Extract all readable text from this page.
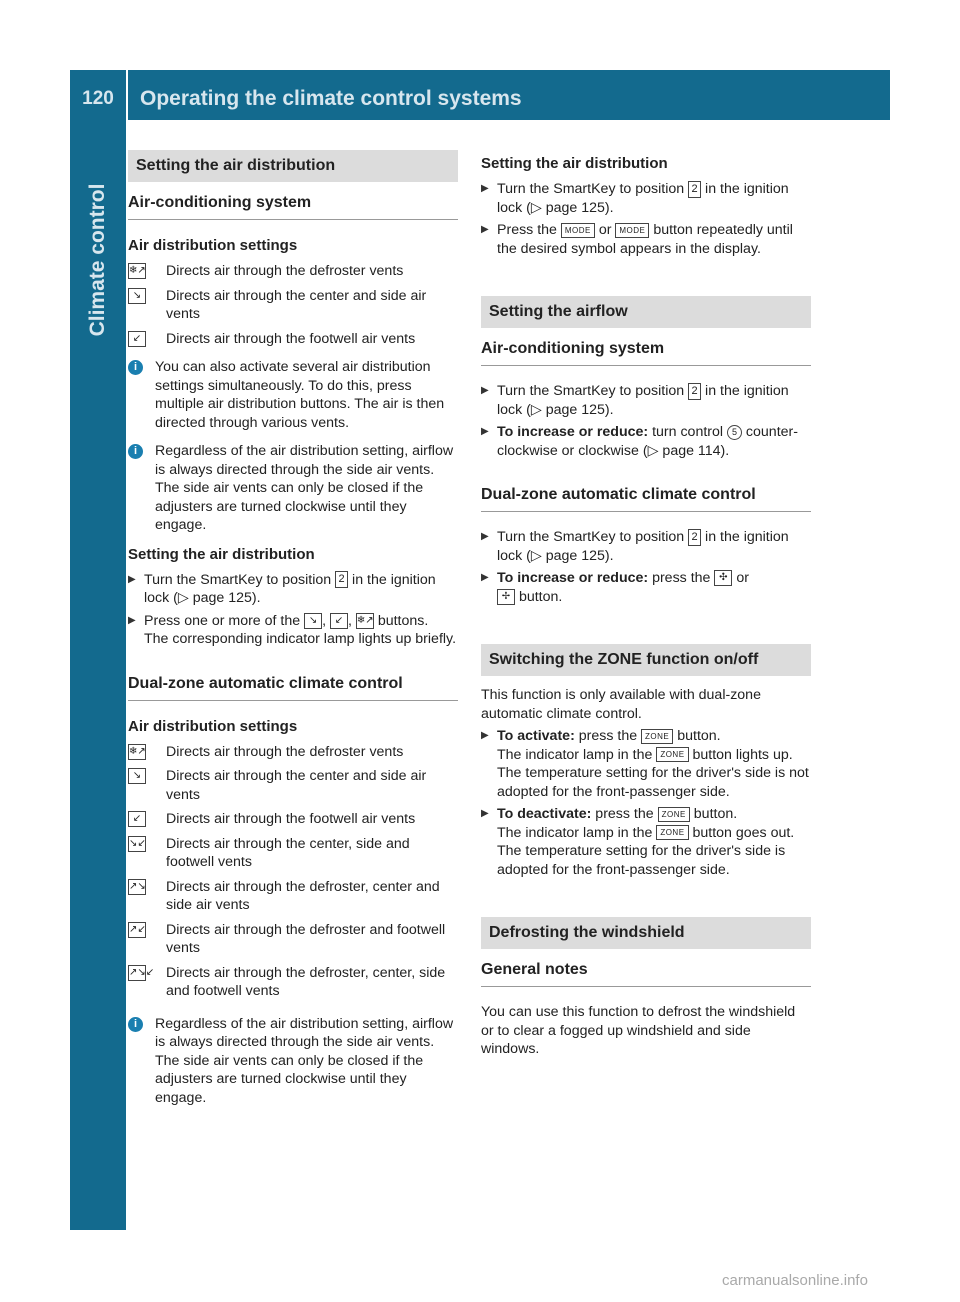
120	Operating the climate control systems
Climate control
Setting the air distribution
Air-conditioning system
Air distribution settings
❄↗	Directs air through the defroster vents
↘	Directs air through the center and side air vents
↙	Directs air through the footwell air vents
i	You can also activate several air distribution settings simultaneously. To do this, press multiple air distribution buttons. The air is then directed through various vents.
i	Regardless of the air distribution setting, airflow is always directed through the side air vents. The side air vents can only be closed if the adjusters are turned clockwise until they engage.
Setting the air distribution
▶ Turn the SmartKey to position 2 in the ignition lock (▷ page 125).
▶ Press one or more of the ↘ , ↙ , ❄↗ buttons.
The corresponding indicator lamp lights up briefly.
Dual-zone automatic climate control
Air distribution settings
❄↗	Directs air through the defroster vents
↘	Directs air through the center and side air vents
↙	Directs air through the footwell air vents
↘↙	Directs air through the center, side and footwell vents
↗↘	Directs air through the defroster, center and side air vents
↗↙	Directs air through the defroster and footwell vents
↗↘↙ Directs air through the defroster, center, side and footwell vents
i	Regardless of the air distribution setting, airflow is always directed through the side air vents. The side air vents can only be closed if the adjusters are turned clockwise until they engage.
Setting the air distribution
▶ Turn the SmartKey to position 2 in the ignition lock (▷ page 125).
▶ Press the MODE or MODE button repeatedly until the desired symbol appears in the display.
Setting the airflow
Air-conditioning system
▶ Turn the SmartKey to position 2 in the ignition lock (▷ page 125).
▶ To increase or reduce: turn control 5 counter-clockwise or clockwise (▷ page 114).
Dual-zone automatic climate control
▶ Turn the SmartKey to position 2 in the ignition lock (▷ page 125).
▶ To increase or reduce: press the ✣ or
✢ button.
Switching the ZONE function on/off
This function is only available with dual-zone automatic climate control.
▶ To activate: press the ZONE button.
The indicator lamp in the ZONE button lights up.
The temperature setting for the driver's side is not adopted for the front-passenger side.
▶ To deactivate: press the ZONE button.
The indicator lamp in the ZONE button goes out.
The temperature setting for the driver's side is adopted for the front-passenger side.
Defrosting the windshield
General notes
You can use this function to defrost the windshield or to clear a fogged up windshield and side windows.
carmanualsonline.info
